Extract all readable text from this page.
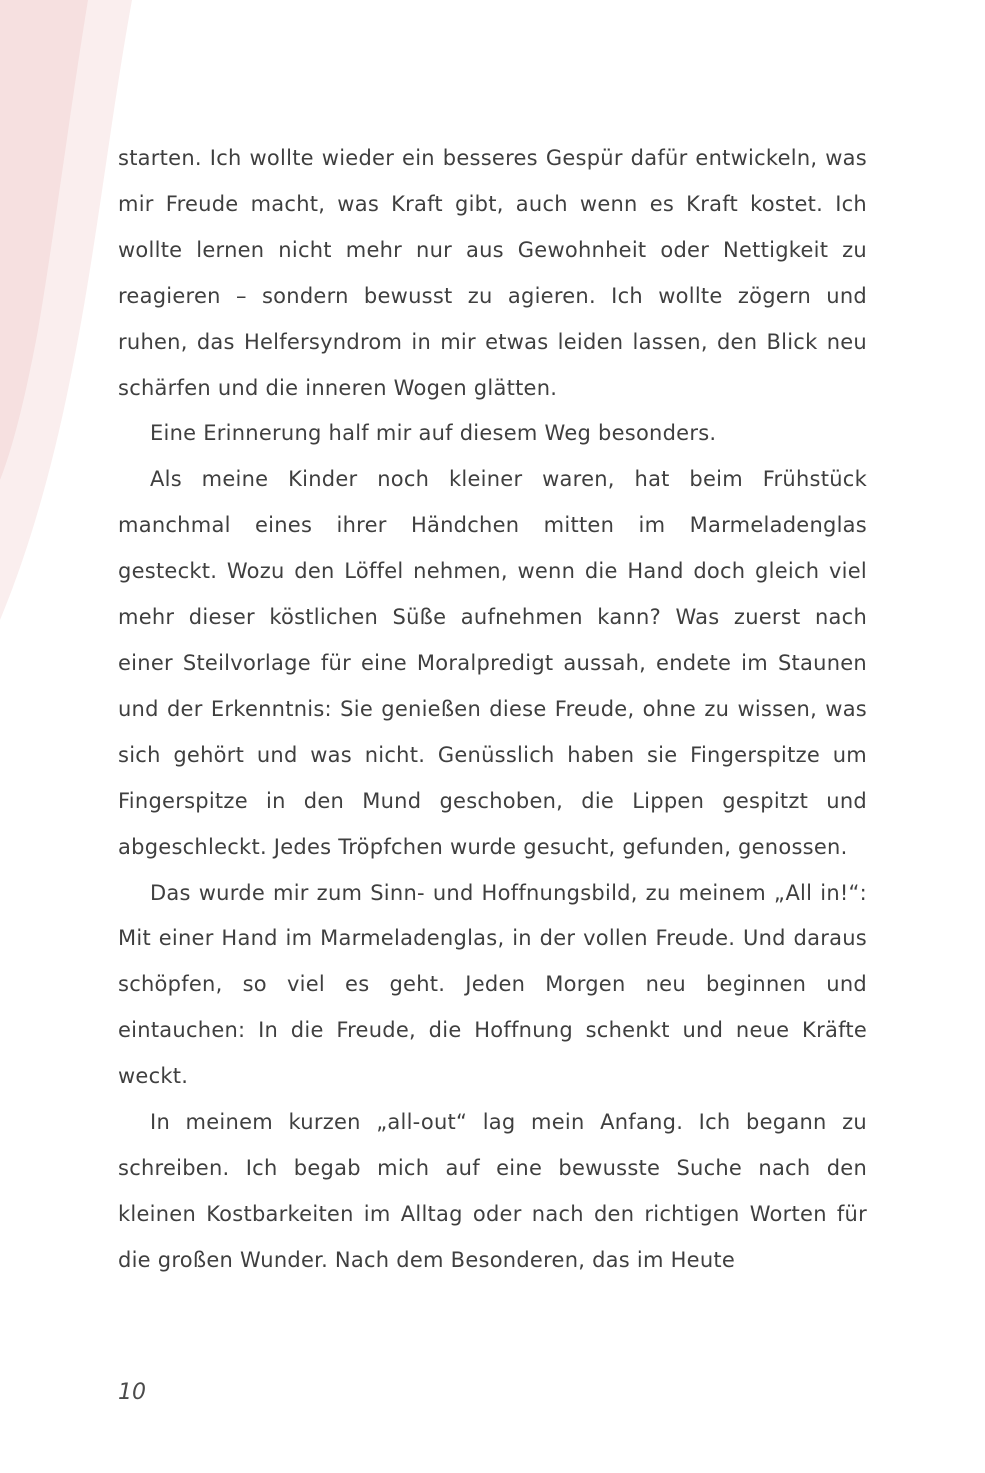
starten. Ich wollte wieder ein besseres Gespür dafür entwickeln, was mir Freude macht, was Kraft gibt, auch wenn es Kraft kostet. Ich wollte lernen nicht mehr nur aus Gewohnheit oder Nettigkeit zu reagieren – sondern bewusst zu agieren. Ich wollte zögern und ruhen, das Helfersyndrom in mir etwas leiden lassen, den Blick neu schärfen und die inneren Wogen glätten.

Eine Erinnerung half mir auf diesem Weg besonders.

Als meine Kinder noch kleiner waren, hat beim Frühstück manchmal eines ihrer Händchen mitten im Marmeladenglas gesteckt. Wozu den Löffel nehmen, wenn die Hand doch gleich viel mehr dieser köstlichen Süße aufnehmen kann? Was zuerst nach einer Steilvorlage für eine Moralpredigt aussah, endete im Staunen und der Erkenntnis: Sie genießen diese Freude, ohne zu wissen, was sich gehört und was nicht. Genüsslich haben sie Fingerspitze um Fingerspitze in den Mund geschoben, die Lippen gespitzt und abgeschleckt. Jedes Tröpfchen wurde gesucht, gefunden, genossen.

Das wurde mir zum Sinn- und Hoffnungsbild, zu meinem „All in!“: Mit einer Hand im Marmeladenglas, in der vollen Freude. Und daraus schöpfen, so viel es geht. Jeden Morgen neu beginnen und eintauchen: In die Freude, die Hoffnung schenkt und neue Kräfte weckt.

In meinem kurzen „all-out“ lag mein Anfang. Ich begann zu schreiben. Ich begab mich auf eine bewusste Suche nach den kleinen Kostbarkeiten im Alltag oder nach den richtigen Worten für die großen Wunder. Nach dem Besonderen, das im Heute

10
